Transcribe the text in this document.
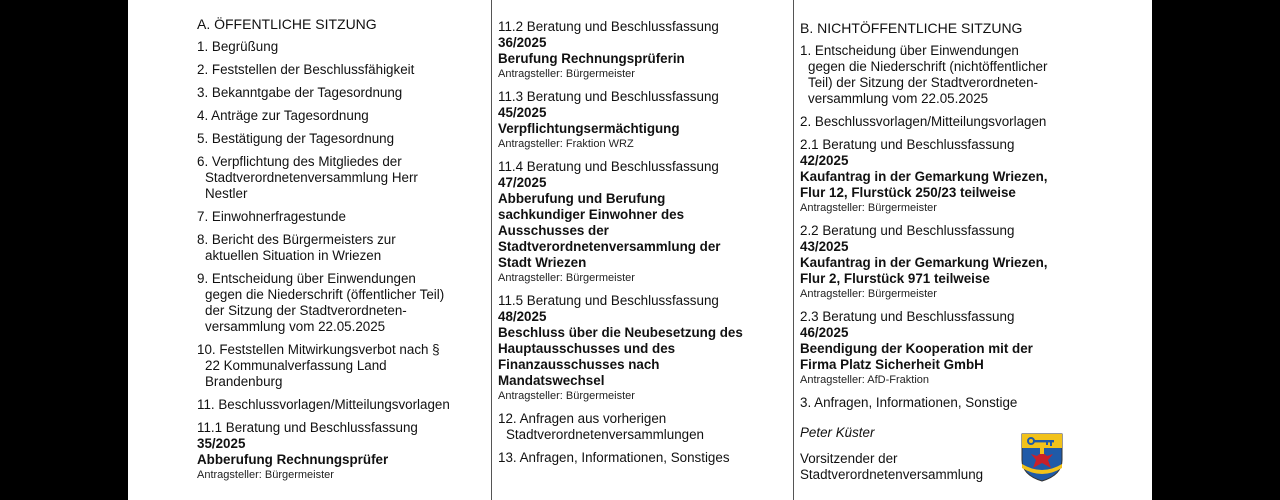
A. ÖFFENTLICHE SITZUNG
1. Begrüßung
2. Feststellen der Beschlussfähigkeit
3. Bekanntgabe der Tagesordnung
4. Anträge zur Tagesordnung
5. Bestätigung der Tagesordnung
6. Verpflichtung des Mitgliedes der
Stadtverordnetenversammlung Herr Nestler
7. Einwohnerfragestunde
8. Bericht des Bürgermeisters zur
aktuellen Situation in Wriezen
9. Entscheidung über Einwendungen
gegen die Niederschrift (öffentlicher Teil) der Sitzung der Stadtverordneten-versammlung vom 22.05.2025
10. Feststellen Mitwirkungsverbot nach §
22 Kommunalverfassung Land Brandenburg
11. Beschlussvorlagen/Mitteilungsvorlagen
11.1 Beratung und Beschlussfassung
35/2025
Abberufung Rechnungsprüfer
Antragsteller: Bürgermeister
11.2 Beratung und Beschlussfassung
36/2025
Berufung Rechnungsprüferin
Antragsteller: Bürgermeister
11.3 Beratung und Beschlussfassung
45/2025
Verpflichtungsermächtigung
Antragsteller: Fraktion WRZ
11.4 Beratung und Beschlussfassung
47/2025
Abberufung und Berufung sachkundiger Einwohner des Ausschusses der Stadtverordnetenversammlung der Stadt Wriezen
Antragsteller: Bürgermeister
11.5 Beratung und Beschlussfassung
48/2025
Beschluss über die Neubesetzung des Hauptausschusses und des Finanzausschusses nach Mandatswechsel
Antragsteller: Bürgermeister
12. Anfragen aus vorherigen
Stadtverordnetenversammlungen
13. Anfragen, Informationen, Sonstiges
B. NICHTÖFFENTLICHE SITZUNG
1. Entscheidung über Einwendungen
gegen die Niederschrift (nichtöffentlicher Teil) der Sitzung der Stadtverordneten-versammlung vom 22.05.2025
2. Beschlussvorlagen/Mitteilungsvorlagen
2.1 Beratung und Beschlussfassung
42/2025
Kaufantrag in der Gemarkung Wriezen, Flur 12, Flurstück 250/23 teilweise
Antragsteller: Bürgermeister
2.2 Beratung und Beschlussfassung
43/2025
Kaufantrag in der Gemarkung Wriezen, Flur 2, Flurstück 971 teilweise
Antragsteller: Bürgermeister
2.3 Beratung und Beschlussfassung
46/2025
Beendigung der Kooperation mit der Firma Platz Sicherheit GmbH
Antragsteller: AfD-Fraktion
3. Anfragen, Informationen, Sonstige
Peter Küster
Vorsitzender der Stadtverordnetenversammlung
